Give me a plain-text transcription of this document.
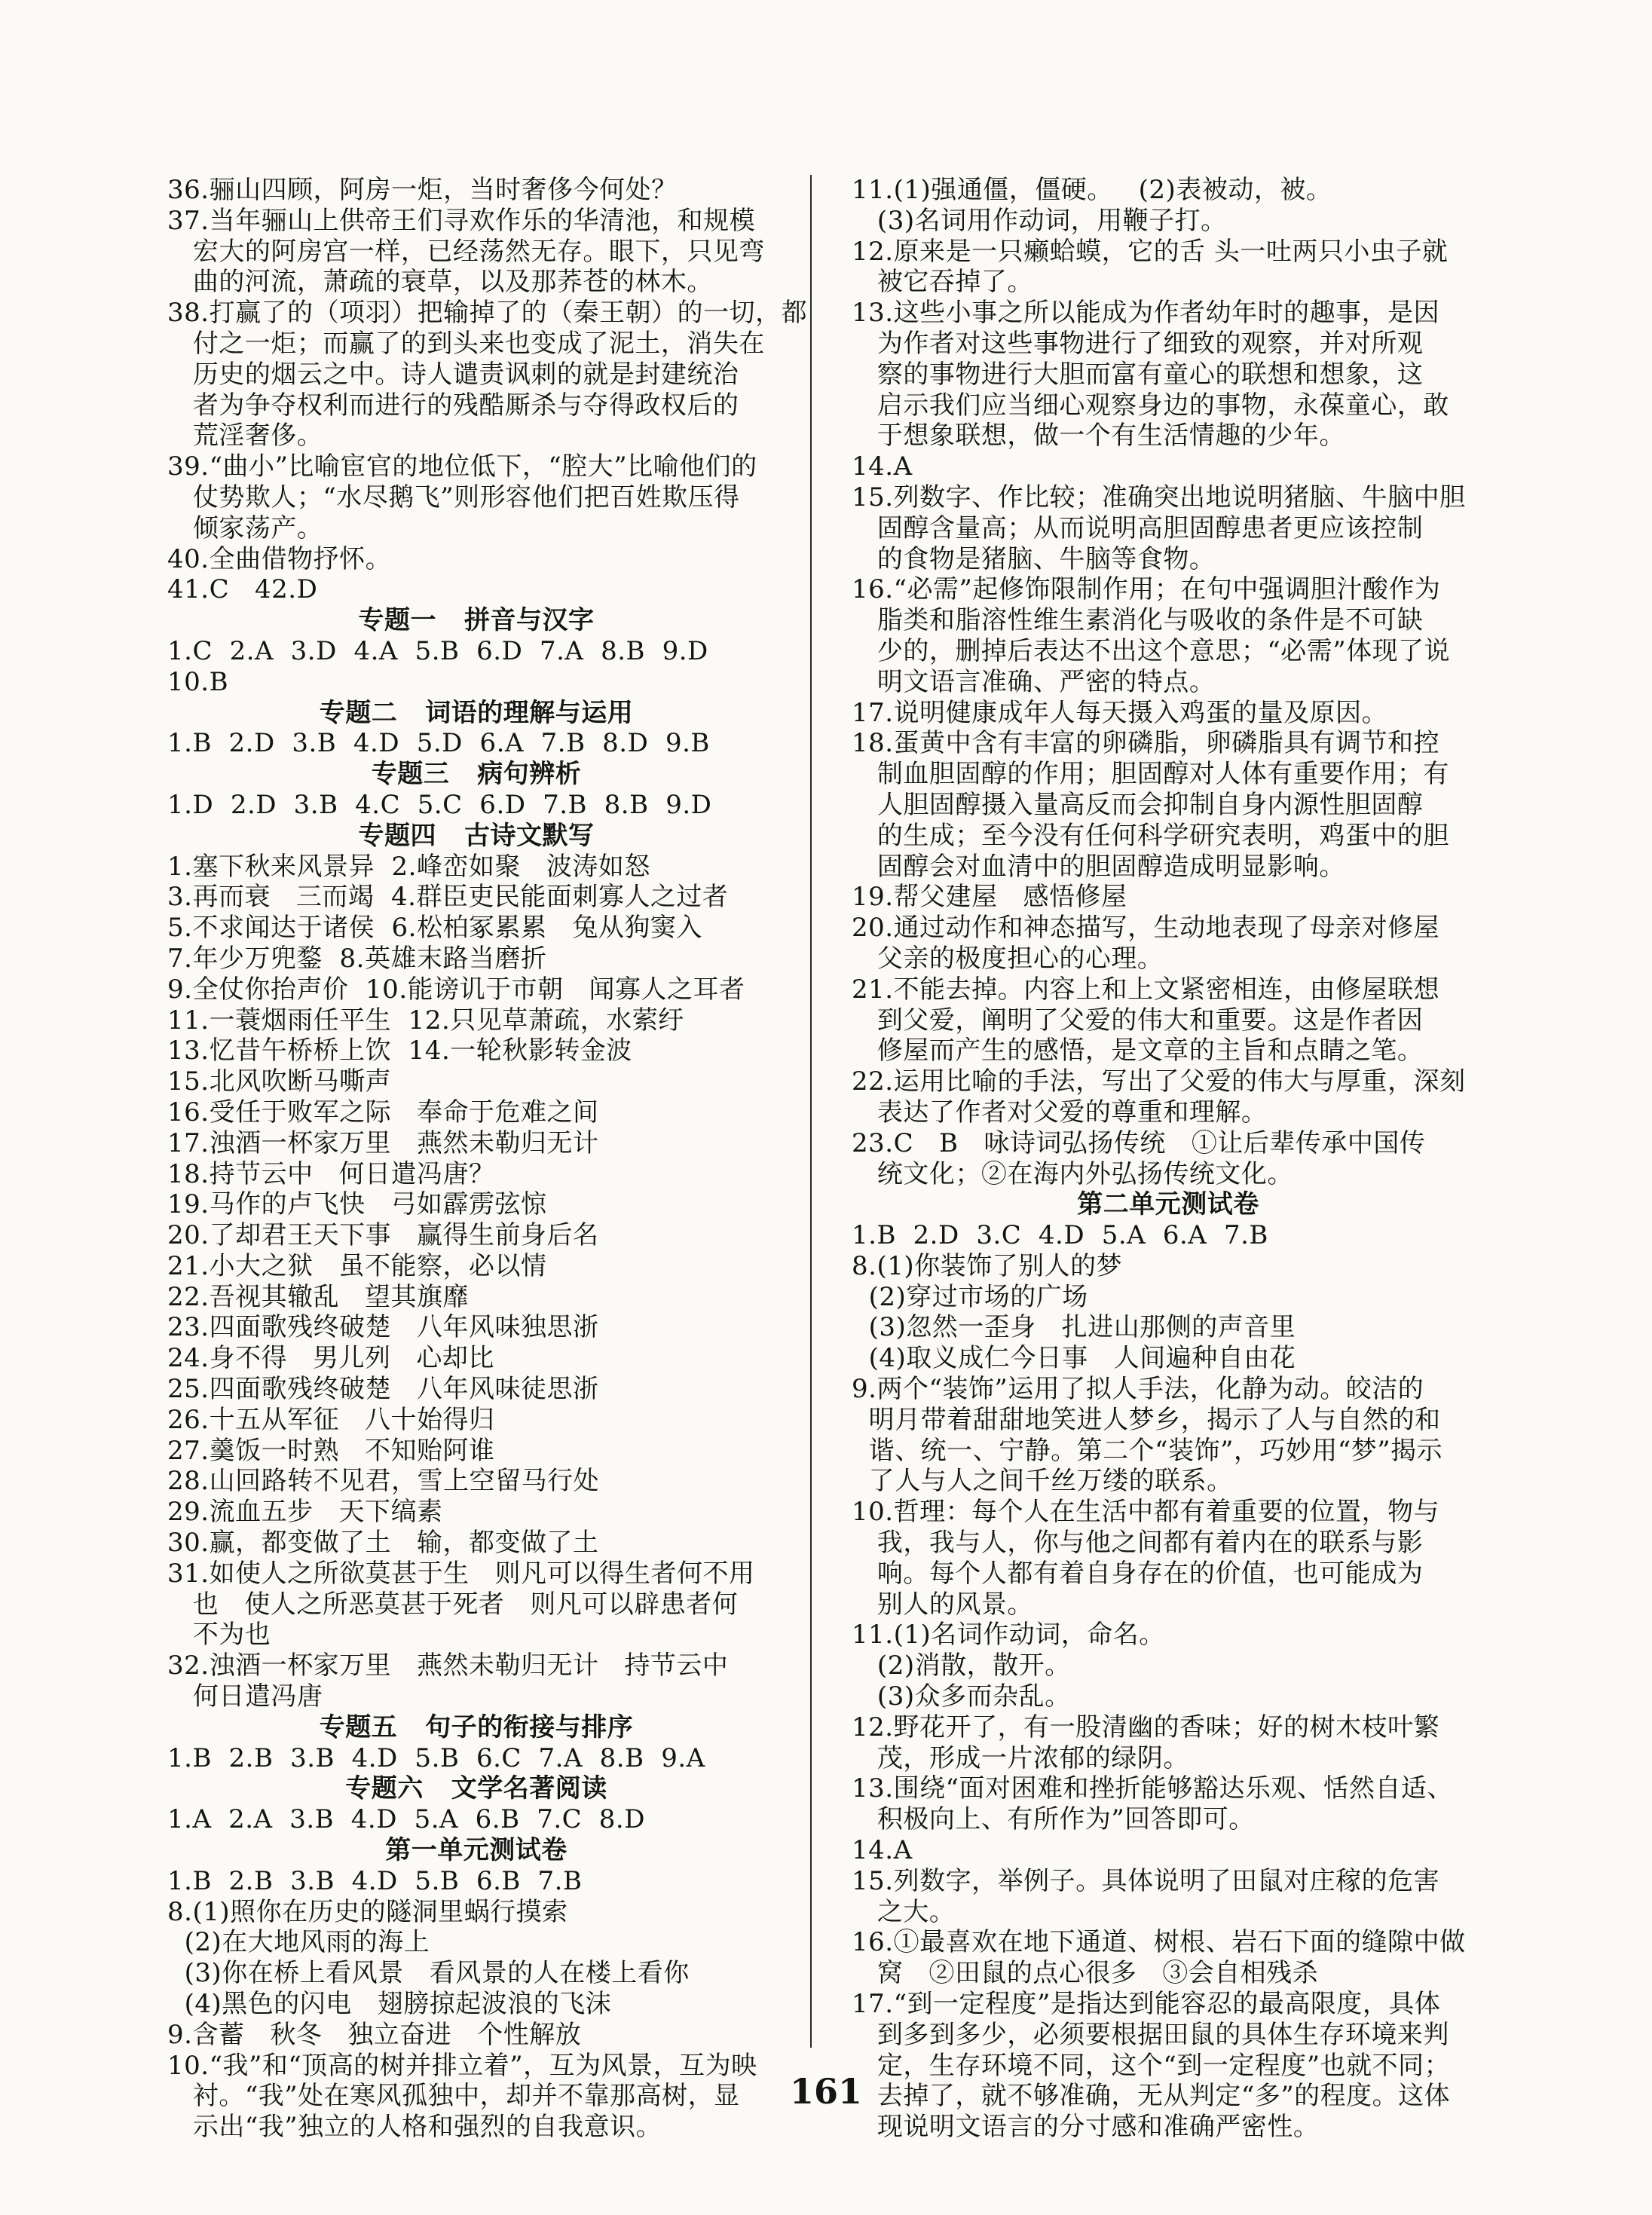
36.骊山四顾，阿房一炬，当时奢侈今何处？
37.当年骊山上供帝王们寻欢作乐的华清池，和规模
宏大的阿房宫一样，已经荡然无存。眼下，只见弯
曲的河流，萧疏的衰草，以及那荞苍的林木。
38.打赢了的（项羽）把输掉了的（秦王朝）的一切，都
付之一炬；而赢了的到头来也变成了泥土，消失在
历史的烟云之中。诗人谴责讽刺的就是封建统治
者为争夺权利而进行的残酷厮杀与夺得政权后的
荒淫奢侈。
39.“曲小”比喻宦官的地位低下，“腔大”比喻他们的
仗势欺人；“水尽鹅飞”则形容他们把百姓欺压得
倾家荡产。
40.全曲借物抒怀。
41.C   42.D
专题一   拼音与汉字
1.C  2.A  3.D  4.A  5.B  6.D  7.A  8.B  9.D
10.B
专题二   词语的理解与运用
1.B  2.D  3.B  4.D  5.D  6.A  7.B  8.D  9.B
专题三   病句辨析
1.D  2.D  3.B  4.C  5.C  6.D  7.B  8.B  9.D
专题四   古诗文默写
1.塞下秋来风景异  2.峰峦如聚   波涛如怒
3.再而衰   三而竭  4.群臣吏民能面刺寡人之过者
5.不求闻达于诸侯  6.松柏冢累累   兔从狗窦入
7.年少万兜鍪  8.英雄末路当磨折
9.全仗你抬声价  10.能谤讥于市朝   闻寡人之耳者
11.一蓑烟雨任平生  12.只见草萧疏，水萦纡
13.忆昔午桥桥上饮  14.一轮秋影转金波
15.北风吹断马嘶声
16.受任于败军之际   奉命于危难之间
17.浊酒一杯家万里   燕然未勒归无计
18.持节云中   何日遣冯唐？
19.马作的卢飞快   弓如霹雳弦惊
20.了却君王天下事   赢得生前身后名
21.小大之狱   虽不能察，必以情
22.吾视其辙乱   望其旗靡
23.四面歌残终破楚   八年风味独思浙
24.身不得   男儿列   心却比
25.四面歌残终破楚   八年风味徒思浙
26.十五从军征   八十始得归
27.羹饭一时熟   不知贻阿谁
28.山回路转不见君，雪上空留马行处
29.流血五步   天下缟素
30.赢，都变做了土   输，都变做了土
31.如使人之所欲莫甚于生   则凡可以得生者何不用
也   使人之所恶莫甚于死者   则凡可以辟患者何
不为也
32.浊酒一杯家万里   燕然未勒归无计   持节云中
何日遣冯唐
专题五   句子的衔接与排序
1.B  2.B  3.B  4.D  5.B  6.C  7.A  8.B  9.A
专题六   文学名著阅读
1.A  2.A  3.B  4.D  5.A  6.B  7.C  8.D
第一单元测试卷
1.B  2.B  3.B  4.D  5.B  6.B  7.B
8.(1)照你在历史的隧洞里蜗行摸索
(2)在大地风雨的海上
(3)你在桥上看风景   看风景的人在楼上看你
(4)黑色的闪电   翅膀掠起波浪的飞沫
9.含蓄   秋冬   独立奋进   个性解放
10.“我”和“顶高的树并排立着”，互为风景，互为映
衬。“我”处在寒风孤独中，却并不靠那高树，显
示出“我”独立的人格和强烈的自我意识。
11.(1)强通僵，僵硬。   (2)表被动，被。
(3)名词用作动词，用鞭子打。
12.原来是一只癞蛤蟆，它的舌 头一吐两只小虫子就
被它吞掉了。
13.这些小事之所以能成为作者幼年时的趣事，是因
为作者对这些事物进行了细致的观察，并对所观
察的事物进行大胆而富有童心的联想和想象，这
启示我们应当细心观察身边的事物，永葆童心，敢
于想象联想，做一个有生活情趣的少年。
14.A
15.列数字、作比较；准确突出地说明猪脑、牛脑中胆
固醇含量高；从而说明高胆固醇患者更应该控制
的食物是猪脑、牛脑等食物。
16.“必需”起修饰限制作用；在句中强调胆汁酸作为
脂类和脂溶性维生素消化与吸收的条件是不可缺
少的，删掉后表达不出这个意思；“必需”体现了说
明文语言准确、严密的特点。
17.说明健康成年人每天摄入鸡蛋的量及原因。
18.蛋黄中含有丰富的卵磷脂，卵磷脂具有调节和控
制血胆固醇的作用；胆固醇对人体有重要作用；有
人胆固醇摄入量高反而会抑制自身内源性胆固醇
的生成；至今没有任何科学研究表明，鸡蛋中的胆
固醇会对血清中的胆固醇造成明显影响。
19.帮父建屋   感悟修屋
20.通过动作和神态描写，生动地表现了母亲对修屋
父亲的极度担心的心理。
21.不能去掉。内容上和上文紧密相连，由修屋联想
到父爱，阐明了父爱的伟大和重要。这是作者因
修屋而产生的感悟，是文章的主旨和点睛之笔。
22.运用比喻的手法，写出了父爱的伟大与厚重，深刻
表达了作者对父爱的尊重和理解。
23.C   B   咏诗词弘扬传统   ①让后辈传承中国传
统文化；②在海内外弘扬传统文化。
第二单元测试卷
1.B  2.D  3.C  4.D  5.A  6.A  7.B
8.(1)你装饰了别人的梦
(2)穿过市场的广场
(3)忽然一歪身   扎进山那侧的声音里
(4)取义成仁今日事   人间遍种自由花
9.两个“装饰”运用了拟人手法，化静为动。皎洁的
明月带着甜甜地笑进人梦乡，揭示了人与自然的和
谐、统一、宁静。第二个“装饰”，巧妙用“梦”揭示
了人与人之间千丝万缕的联系。
10.哲理：每个人在生活中都有着重要的位置，物与
我，我与人，你与他之间都有着内在的联系与影
响。每个人都有着自身存在的价值，也可能成为
别人的风景。
11.(1)名词作动词，命名。
(2)消散，散开。
(3)众多而杂乱。
12.野花开了，有一股清幽的香味；好的树木枝叶繁
茂，形成一片浓郁的绿阴。
13.围绕“面对困难和挫折能够豁达乐观、恬然自适、
积极向上、有所作为”回答即可。
14.A
15.列数字，举例子。具体说明了田鼠对庄稼的危害
之大。
16.①最喜欢在地下通道、树根、岩石下面的缝隙中做
窝   ②田鼠的点心很多   ③会自相残杀
17.“到一定程度”是指达到能容忍的最高限度，具体
到多到多少，必须要根据田鼠的具体生存环境来判
定，生存环境不同，这个“到一定程度”也就不同；
去掉了，就不够准确，无从判定“多”的程度。这体
现说明文语言的分寸感和准确严密性。
161
